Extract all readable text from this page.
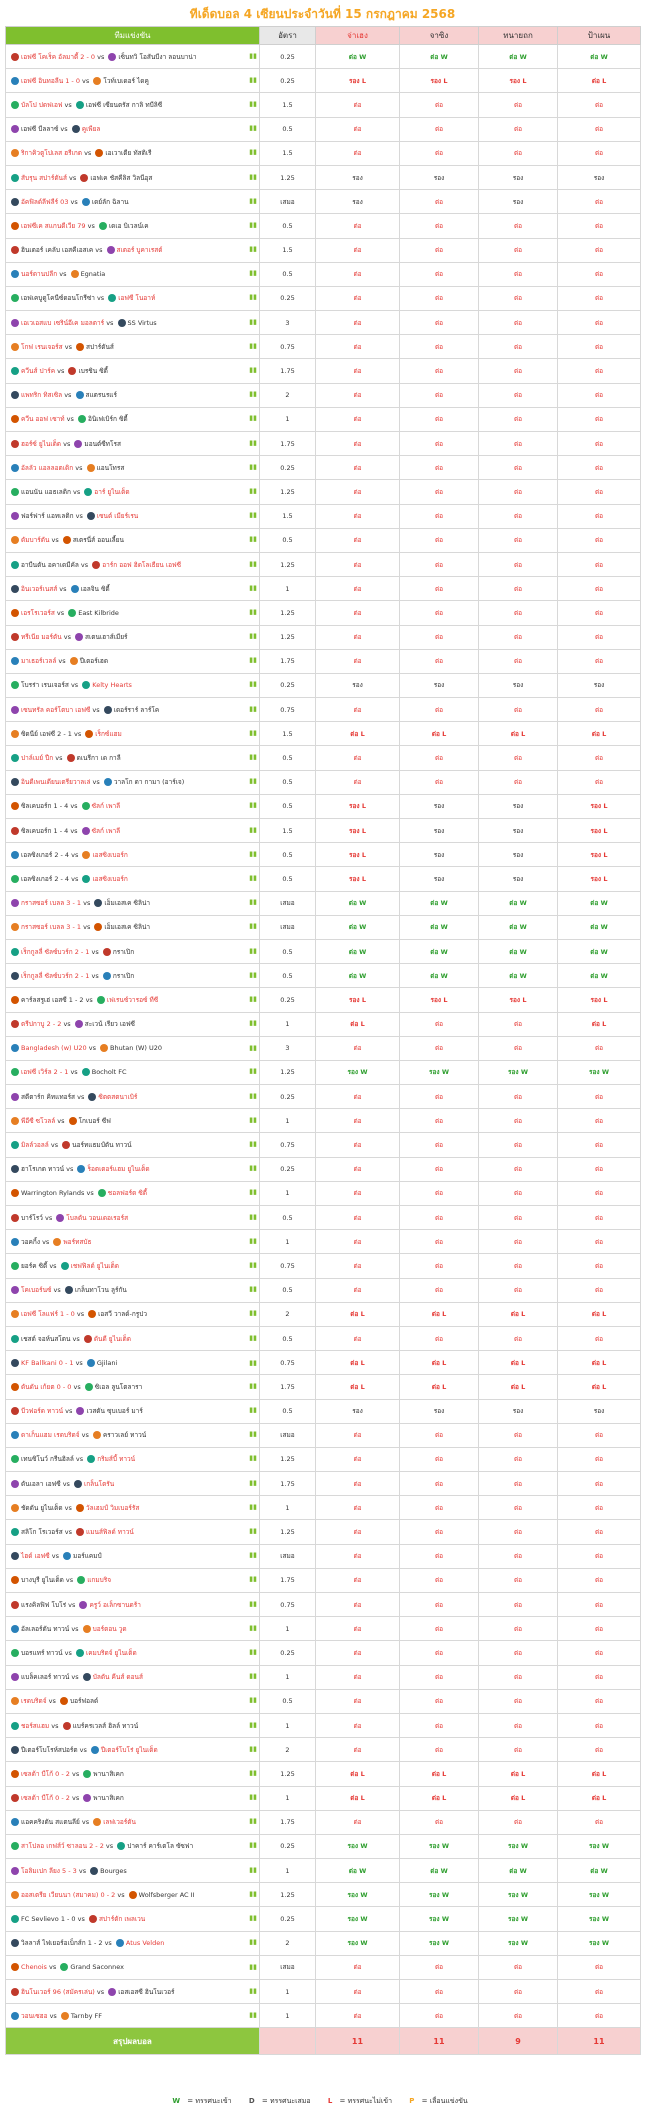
ทีเด็ดบอล 4 เซียนประจำวันที่ 15 กรกฎาคม 2568
ทีมแข่งขัน	อัตรา	จ่าเฮง	จาซิง	ทนายถก	ป้าเผน
เอฟซี โคเร็ค อัลมาตี้ 2 - 0 vs เซ็นทวิ โอสันบีงา ลอนบาน่า ▮▮	0.25	ต่อ W	ต่อ W	ต่อ W	ต่อ W
เอฟซี อินทอลีน 1 - 0 vs โวท์เบเดอร์ ไดคู ▮▮	0.25	รอง L	รอง L	รอง L	ต่อ L
บัลโป ปดฟเอฟ vs เอฟซี เซียนตรัส กาลิ ทบีลิซี ▮▮	1.5	ต่อ	ต่อ	ต่อ	ต่อ
เอฟซี บีลลาซ์ vs คูเพียล ▮▮	0.5	ต่อ	ต่อ	ต่อ	ต่อ
ริกาคิวตูโปเลส ฮรีเกต vs เอเวาเตีย ทัสติเรี ▮▮	1.5	ต่อ	ต่อ	ต่อ	ต่อ
สับรุน สปาร์ตันส์ vs เอฟเค ชัสคีลิส วิลนีอุส ▮▮	1.25	รอง	รอง	รอง	รอง
อัคฟิลด์ลีฟลีร์ 03 vs เดย์ลัก ฉิลาน ▮▮	เสมอ	รอง	ต่อ	รอง	ต่อ
เอฟซีเค สแกนดีเวีย 79 vs เดเอ บิเวลน์เค ▮▮	0.5	ต่อ	ต่อ	ต่อ	ต่อ
ฮินเตอร์ เคลับ เอสคีเอสเค vs สเตอร์ บูคาเรสต์ ▮▮	1.5	ต่อ	ต่อ	ต่อ	ต่อ
นอร์ดานปลีก vs Egnatia ▮▮	0.5	ต่อ	ต่อ	ต่อ	ต่อ
เอฟเคบูดูโคนีซ์ดอนโกรีซ่า vs เอฟซี โนอาห์ ▮▮	0.25	ต่อ	ต่อ	ต่อ	ต่อ
เอเวเอสแบ เซริน์อีเค มอลตาร์ vs SS Virtus ▮▮	3	ต่อ	ต่อ	ต่อ	ต่อ
โกฟ เรนเจอร์ส vs สปาร์ตันส์ ▮▮	0.75	ต่อ	ต่อ	ต่อ	ต่อ
ควีนส์ ปาร์ค vs เบรชิน ซิตี้ ▮▮	1.75	ต่อ	ต่อ	ต่อ	ต่อ
แพทริก ทิสเซิล vs สแตรนรแร์ ▮▮	2	ต่อ	ต่อ	ต่อ	ต่อ
ควีน ออฟ เซาท์ vs อินิเฟเบิร์ก ซิตี้ ▮▮	1	ต่อ	ต่อ	ต่อ	ต่อ
ฮอร์ซ์ ยูไนเต็ด vs มอนต์ซีทโรส ▮▮	1.75	ต่อ	ต่อ	ต่อ	ต่อ
อัลลัว แอลลอตเดิก vs แอนโทรส ▮▮	0.25	ต่อ	ต่อ	ต่อ	ต่อ
แอนนัน แอธเลติก vs อาร์ ยูไนเต็ด ▮▮	1.25	ต่อ	ต่อ	ต่อ	ต่อ
ฟอร์ฟาร์ แอทเลติก vs เซนต์ เมียร์เรน ▮▮	1.5	ต่อ	ต่อ	ต่อ	ต่อ
ดัมบาร์ตัน vs สเตรนี่ส์ ออนเลี้ยน ▮▮	0.5	ต่อ	ต่อ	ต่อ	ต่อ
อาบีนตัน อคาเดมีคัล vs อาร์ก ออฟ ฮิดโลเธียน เอฟซี ▮▮	1.25	ต่อ	ต่อ	ต่อ	ต่อ
อินเวอร์เนสส์ vs เอลจิน ซิตี้ ▮▮	1	ต่อ	ต่อ	ต่อ	ต่อ
เอรโรเวอร์ส vs East Kilbride ▮▮	1.25	ต่อ	ต่อ	ต่อ	ต่อ
ทรีเนีย มอร์ตัน vs สเตนเฮาส์เมียร์ ▮▮	1.25	ต่อ	ต่อ	ต่อ	ต่อ
มาเธอร์เวลล์ vs ปีเตอร์เฮด ▮▮	1.75	ต่อ	ต่อ	ต่อ	ต่อ
โบรร่า เรนเจอร์ส vs Kelty Hearts ▮▮	0.25	รอง	รอง	รอง	รอง
เซนทรัล คอร์โตบา เอฟซี vs เดอร์ราร์ ลาร์โค ▮▮	0.75	ต่อ	ต่อ	ต่อ	ต่อ
ซิดนีย์ เอฟซี 2 - 1 vs เร็กซ์แฮม ▮▮	1.5	ต่อ L	ต่อ L	ต่อ L	ต่อ L
ปาล์เมย์ ปีก vs ดเนรีกา เด กาลี ▮▮	0.5	ต่อ	ต่อ	ต่อ	ต่อ
อินดีเพนเดียนเตรียวาลเล่ vs วาลโก ดา กามา (อาร์เจ) ▮▮	0.5	ต่อ	ต่อ	ต่อ	ต่อ
ซิลเคบอร์ก 1 - 4 vs ซัลก์ เพาลี ▮▮	0.5	รอง L	รอง	รอง	รอง L
ซิลเคบอร์ก 1 - 4 vs ซัลก์ เพาลี ▮▮	1.5	รอง L	รอง	รอง	รอง L
เอลซิงเกอร์ 2 - 4 vs เอสซิงเบอร์ก ▮▮	0.5	รอง L	รอง	รอง	รอง L
เอลซิงเกอร์ 2 - 4 vs เอสซิงเบอร์ก ▮▮	0.5	รอง L	รอง	รอง	รอง L
กราสซอร์ เบลล 3 - 1 vs เอ็มเอสเค ซิลิน่า ▮▮	เสมอ	ต่อ W	ต่อ W	ต่อ W	ต่อ W
กราสซอร์ เบลล 3 - 1 vs เอ็มเอสเค ซิลิน่า ▮▮	เสมอ	ต่อ W	ต่อ W	ต่อ W	ต่อ W
เร็กกูลลี่ ซัลซ์บวร์ก 2 - 1 vs กราเปิก ▮▮	0.5	ต่อ W	ต่อ W	ต่อ W	ต่อ W
เร็กกูลลี่ ซัลซ์บวร์ก 2 - 1 vs กราเปิก ▮▮	0.5	ต่อ W	ต่อ W	ต่อ W	ต่อ W
คาร์ลสรูเฮ่ เอสซี 1 - 2 vs เฟเรนซ์วารอซ์ ทีซี ▮▮	0.25	รอง L	รอง L	รอง L	รอง L
ตรีปกาบู 2 - 2 vs สะเวน้ เรียว เอฟซี ▮▮	1	ต่อ L	ต่อ	ต่อ	ต่อ L
Bangladesh (w) U20 vs Bhutan (W) U20 ▮▮	3	ต่อ	ต่อ	ต่อ	ต่อ
เอฟซี เวิร์ล 2 - 1 vs Bocholt FC ▮▮	1.25	รอง W	รอง W	รอง W	รอง W
สตีตาร์ก คิทแทอร์ส vs ซิตตสตนาเบิร์ ▮▮	0.25	ต่อ	ต่อ	ต่อ	ต่อ
พีอีซี ซโวลล์ vs โกเบอร์ ซีฟ ▮▮	1	ต่อ	ต่อ	ต่อ	ต่อ
มิลล์วอลล์ vs นอร์ทแธมป์ตัน ทาวน์ ▮▮	0.75	ต่อ	ต่อ	ต่อ	ต่อ
ฮาโรเกต ทาวน์ vs ร็อตเตอร์แฮม ยูไนเต็ด ▮▮	0.25	ต่อ	ต่อ	ต่อ	ต่อ
Warrington Rylands vs ชอลฟอร์ด ซิตี้ ▮▮	1	ต่อ	ต่อ	ต่อ	ต่อ
บาร์โรว์ vs โบลตัน วอนเดอเรอร์ส ▮▮	0.5	ต่อ	ต่อ	ต่อ	ต่อ
วอคกิ้ง vs พอร์ทสบัธ ▮▮	1	ต่อ	ต่อ	ต่อ	ต่อ
ยอร์ค ซิตี้ vs เชฟฟิลด์ ยูไนเต็ด ▮▮	0.75	ต่อ	ต่อ	ต่อ	ต่อ
โคเบอร์นซ์ vs เกล็นทาโวน ลูร์กัน ▮▮	0.5	ต่อ	ต่อ	ต่อ	ต่อ
เอฟซี โลแฟร์ 1 - 0 vs เอสวี วาลด์-กรูปว ▮▮	2	ต่อ L	ต่อ L	ต่อ L	ต่อ L
เชสต์ จอห์นสโตน vs ดันดี ยูไนเต็ด ▮▮	0.5	ต่อ	ต่อ	ต่อ	ต่อ
KF Ballkani 0 - 1 vs Gjilani ▮▮	0.75	ต่อ L	ต่อ L	ต่อ L	ต่อ L
ดันดัน เก้ยต 0 - 0 vs ซิเอล ลูนโตลารา ▮▮	1.75	ต่อ L	ต่อ L	ต่อ L	ต่อ L
บีวฟอร์ด ทาวน์ vs เวสตัน ซุบเบอร์ มาร์ ▮▮	0.5	รอง	รอง	รอง	รอง
ดาเก็นแฮม เรดบริดจ์ vs คราวเลย์ ทาวน์ ▮▮	เสมอ	ต่อ	ต่อ	ต่อ	ต่อ
เทนซิโนว์ กรีนฮิลล์ vs กริมส์บี้ ทาวน์ ▮▮	1.25	ต่อ	ต่อ	ต่อ	ต่อ
ดันเอลา เอฟซี vs เกล็นโตรัน ▮▮	1.75	ต่อ	ต่อ	ต่อ	ต่อ
ชัดตัน ยูไนเต็ด vs วัลเฮมป์ วิมเบอร์รัส ▮▮	1	ต่อ	ต่อ	ต่อ	ต่อ
สลิโก โรเวอร์ส vs แมนส์ฟิลด์ ทาวน์ ▮▮	1.25	ต่อ	ต่อ	ต่อ	ต่อ
ไฮด์ เอฟซี vs มอร์แคมป์ ▮▮	เสมอ	ต่อ	ต่อ	ต่อ	ต่อ
บางบุรี ยูไนเต็ด vs แกมบริจ ▮▮	1.75	ต่อ	ต่อ	ต่อ	ต่อ
แรงคิลฟิฟ โบโร่ vs ครูว์ อเล็กซานดร้า ▮▮	0.75	ต่อ	ต่อ	ต่อ	ต่อ
อัลเลอร์ตัน ทาวน์ vs บอร์ตอน วูด ▮▮	1	ต่อ	ต่อ	ต่อ	ต่อ
บอรแทร์ ทาวน์ vs เคมบริดจ์ ยูไนเต็ด ▮▮	0.25	ต่อ	ต่อ	ต่อ	ต่อ
แบล็คเลอร์ ทาวน์ vs บัลตัน คีนส์ ดอนส์ ▮▮	1	ต่อ	ต่อ	ต่อ	ต่อ
เรดบริดจ์ vs บอร์ฟอลด์ ▮▮	0.5	ต่อ	ต่อ	ต่อ	ต่อ
ชอร์สแฮม vs แบร์ครเวลส์ ฮิลล์ ทาวน์ ▮▮	1	ต่อ	ต่อ	ต่อ	ต่อ
ปีเตอร์โบโรห์สปอร์ต vs ปีเตอร์โบโร่ ยูไนเต็ด ▮▮	2	ต่อ	ต่อ	ต่อ	ต่อ
เซลต้า บีโก้ 0 - 2 vs พานาสิเคก ▮▮	1.25	ต่อ L	ต่อ L	ต่อ L	ต่อ L
เซลต้า บีโก้ 0 - 2 vs พานาสิเคก ▮▮	1	ต่อ L	ต่อ L	ต่อ L	ต่อ L
แอคคริงตัน สแตนลีย์ vs เลฟเวอร์ตัน ▮▮	1.75	ต่อ	ต่อ	ต่อ	ต่อ
สาโปลอ เกฟส์ว์ ซาลอน 2 - 2 vs ปาคาร์ คาร์เตโล ซัซฟา ▮▮	0.25	รอง W	รอง W	รอง W	รอง W
โอลิมเปก ลียง 5 - 3 vs Bourges ▮▮	1	ต่อ W	ต่อ W	ต่อ W	ต่อ W
ออสเตรีย เวียนนา (สมาคม) 0 - 2 vs Wolfsberger AC II ▮▮	1.25	รอง W	รอง W	รอง W	รอง W
FC Sevlievo 1 - 0 vs สปาร์ตัก เพลเวน ▮▮	0.25	รอง W	รอง W	รอง W	รอง W
วิลลาส์ ไฟเยอร์อเบ็กส์ก 1 - 2 vs Atus Velden ▮▮	2	รอง W	รอง W	รอง W	รอง W
Chenois vs Grand Saconnex ▮▮	เสมอ	ต่อ	ต่อ	ต่อ	ต่อ
ฮินโนเวอร์ 96 (สมัครเล่น) vs เอสเอสซี ฮินโนเวอร์ ▮▮	1	ต่อ	ต่อ	ต่อ	ต่อ
วอนเซฮอ vs Tarnby FF ▮▮	1	ต่อ	ต่อ	ต่อ	ต่อ
สรุปผลบอล		11	11	9	11
W = ทรรศนะเข้า D = ทรรศนะเสมอ L = ทรรศนะไม่เข้า P = เลื่อนแข่งขัน
